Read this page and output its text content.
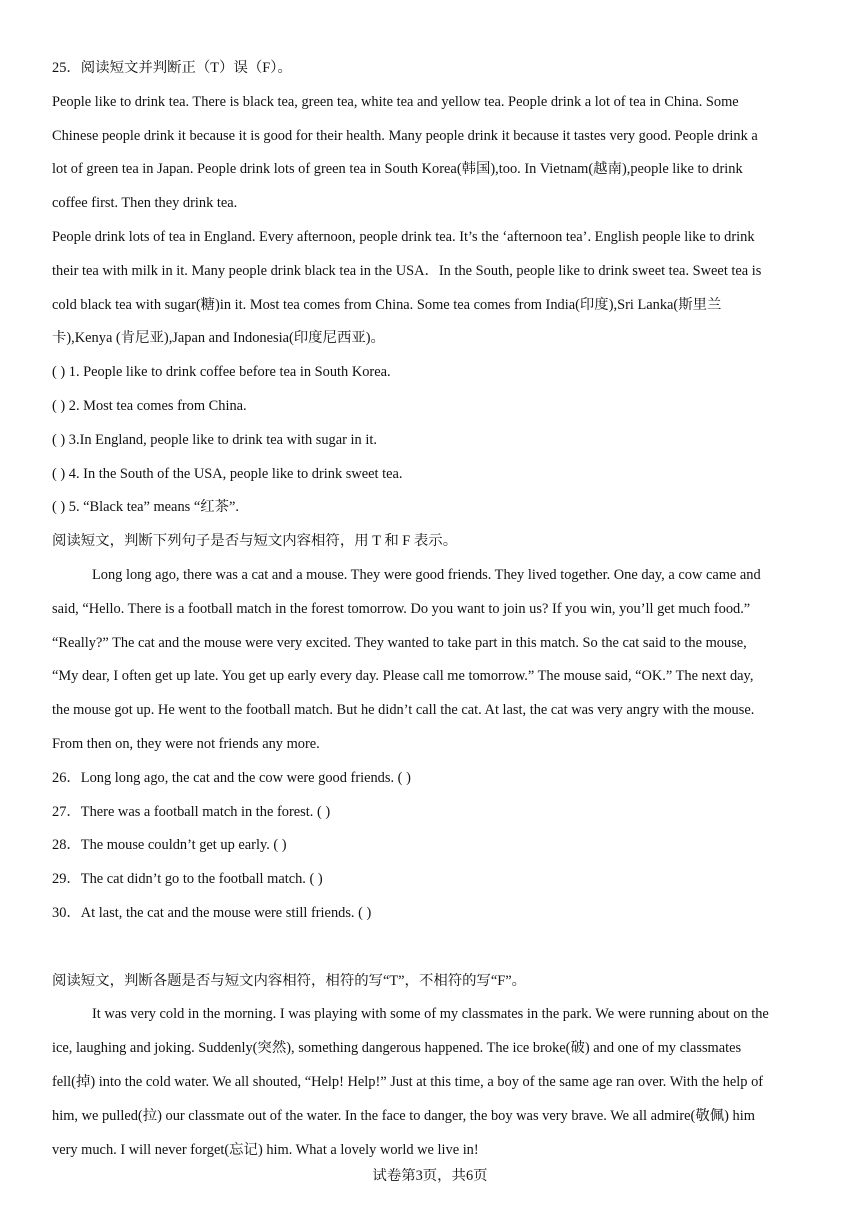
25．阅读短文并判断正（T）误（F）。
People like to drink tea. There is black tea, green tea, white tea and yellow tea. People drink a lot of tea in China. Some
Chinese people drink it because it is good for their health. Many people drink it because it tastes very good. People drink a
lot of green tea in Japan. People drink lots of green tea in South Korea(韩国),too. In Vietnam(越南),people like to drink
coffee first. Then they drink tea.
People drink lots of tea in England. Every afternoon, people drink tea. It’s the ‘afternoon tea’. English people like to drink
their tea with milk in it. Many people drink black tea in the USA．In the South, people like to drink sweet tea. Sweet tea is
cold black tea with sugar(糖)in it. Most tea comes from China. Some tea comes from India(印度),Sri Lanka(斯里兰
卡),Kenya (肯尼亚),Japan and Indonesia(印度尼西亚)。
( ) 1. People like to drink coffee before tea in South Korea.
( ) 2. Most tea comes from China.
( ) 3.In England, people like to drink tea with sugar in it.
( ) 4. In the South of the USA, people like to drink sweet tea.
( ) 5. “Black tea” means “红茶”.
阅读短文，判断下列句子是否与短文内容相符，用 T 和 F 表示。
Long long ago, there was a cat and a mouse. They were good friends. They lived together. One day, a cow came and
said, “Hello. There is a football match in the forest tomorrow. Do you want to join us? If you win, you’ll get much food.”
“Really?” The cat and the mouse were very excited. They wanted to take part in this match. So the cat said to the mouse,
“My dear, I often get up late. You get up early every day. Please call me tomorrow.” The mouse said, “OK.” The next day,
the mouse got up. He went to the football match. But he didn’t call the cat. At last, the cat was very angry with the mouse.
From then on, they were not friends any more.
26．Long long ago, the cat and the cow were good friends. ( )
27．There was a football match in the forest. ( )
28．The mouse couldn’t get up early. ( )
29．The cat didn’t go to the football match. ( )
30．At last, the cat and the mouse were still friends. ( )
阅读短文，判断各题是否与短文内容相符，相符的写“T”，不相符的写“F”。
It was very cold in the morning. I was playing with some of my classmates in the park. We were running about on the
ice, laughing and joking. Suddenly(突然), something dangerous happened. The ice broke(破) and one of my classmates
fell(掉) into the cold water. We all shouted, “Help! Help!” Just at this time, a boy of the same age ran over. With the help of
him, we pulled(拉) our classmate out of the water. In the face to danger, the boy was very brave. We all admire(敬佩) him
very much. I will never forget(忘记) him. What a lovely world we live in!
试卷第3页，共6页
